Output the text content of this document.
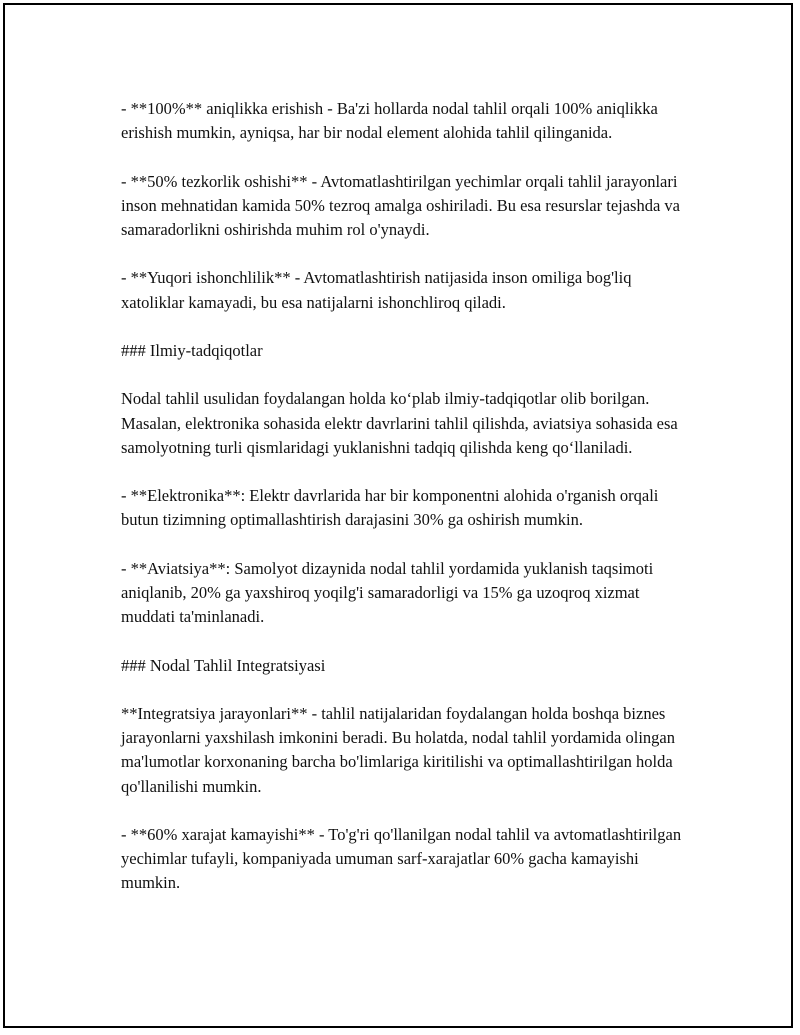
- **100%** aniqlikka erishish - Ba'zi hollarda nodal tahlil orqali 100% aniqlikka erishish mumkin, ayniqsa, har bir nodal element alohida tahlil qilinganida.

- **50% tezkorlik oshishi** - Avtomatlashtirilgan yechimlar orqali tahlil jarayonlari inson mehnatidan kamida 50% tezroq amalga oshiriladi. Bu esa resurslar tejashda va samaradorlikni oshirishda muhim rol o'ynaydi.

- **Yuqori ishonchlilik** - Avtomatlashtirish natijasida inson omiliga bog'liq xatoliklar kamayadi, bu esa natijalarni ishonchliroq qiladi.

### Ilmiy-tadqiqotlar

Nodal tahlil usulidan foydalangan holda ko‘plab ilmiy-tadqiqotlar olib borilgan. Masalan, elektronika sohasida elektr davrlarini tahlil qilishda, aviatsiya sohasida esa samolyotning turli qismlaridagi yuklanishni tadqiq qilishda keng qo‘llaniladi.

- **Elektronika**: Elektr davrlarida har bir komponentni alohida o'rganish orqali butun tizimning optimallashtirish darajasini 30% ga oshirish mumkin.

- **Aviatsiya**: Samolyot dizaynida nodal tahlil yordamida yuklanish taqsimoti aniqlanib, 20% ga yaxshiroq yoqilg'i samaradorligi va 15% ga uzoqroq xizmat muddati ta'minlanadi.

### Nodal Tahlil Integratsiyasi

**Integratsiya jarayonlari** - tahlil natijalaridan foydalangan holda boshqa biznes jarayonlarni yaxshilash imkonini beradi. Bu holatda, nodal tahlil yordamida olingan ma'lumotlar korxonaning barcha bo'limlariga kiritilishi va optimallashtirilgan holda qo'llanilishi mumkin.

- **60% xarajat kamayishi** - To'g'ri qo'llanilgan nodal tahlil va avtomatlashtirilgan yechimlar tufayli, kompaniyada umuman sarf-xarajatlar 60% gacha kamayishi mumkin.
